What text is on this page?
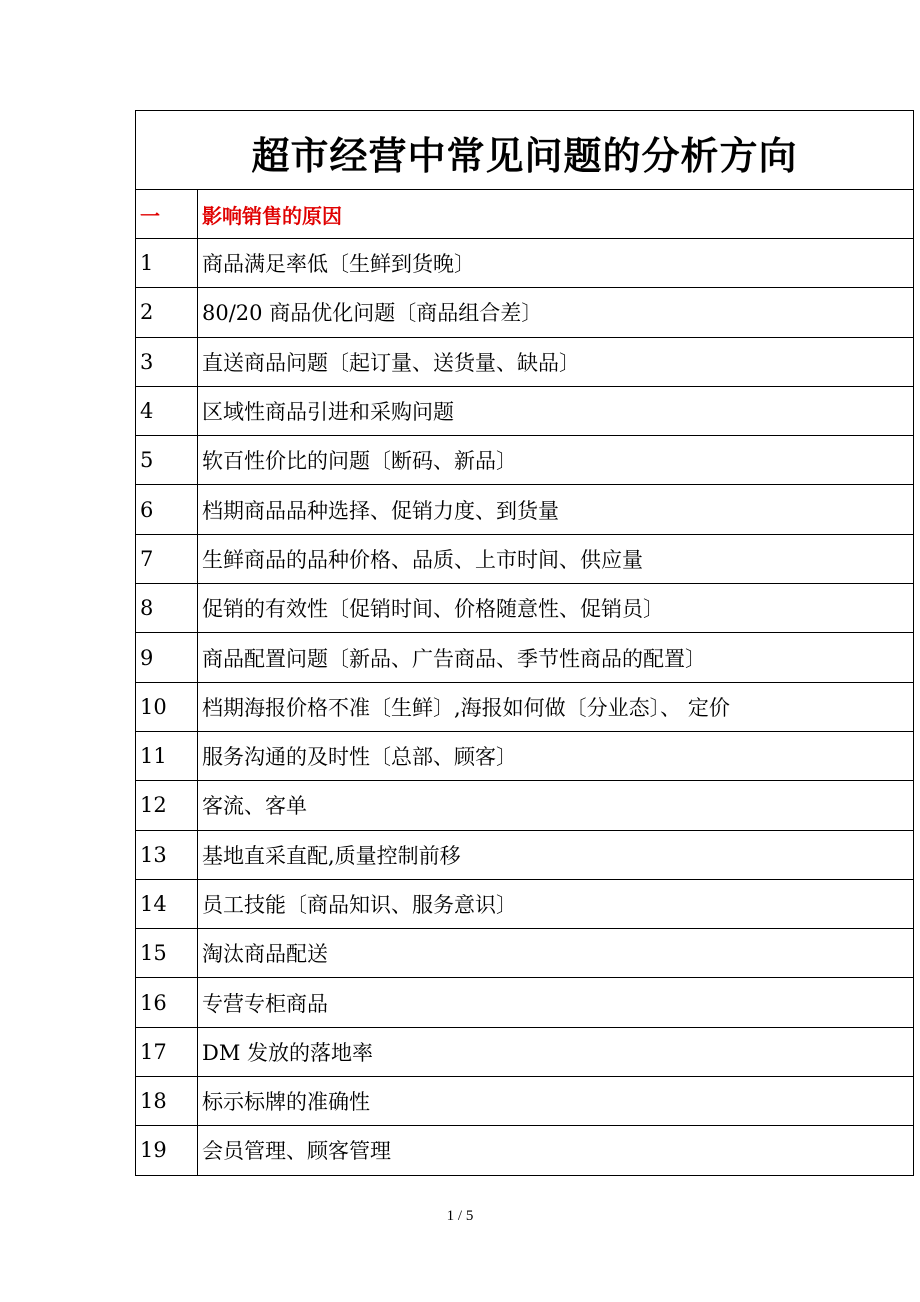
超市经营中常见问题的分析方向	
一	影响销售的原因
1	商品满足率低〔生鲜到货晚〕
2	80/20 商品优化问题〔商品组合差〕
3	直送商品问题〔起订量、送货量、缺品〕
4	区域性商品引进和采购问题
5	软百性价比的问题〔断码、新品〕
6	档期商品品种选择、促销力度、到货量
7	生鲜商品的品种价格、品质、上市时间、供应量
8	促销的有效性〔促销时间、价格随意性、促销员〕
9	商品配置问题〔新品、广告商品、季节性商品的配置〕
10	档期海报价格不准〔生鲜〕,海报如何做〔分业态〕、 定价
11	服务沟通的及时性〔总部、顾客〕
12	客流、客单
13	基地直采直配,质量控制前移
14	员工技能〔商品知识、服务意识〕
15	淘汰商品配送
16	专营专柜商品
17	DM 发放的落地率
18	标示标牌的准确性
19	会员管理、顾客管理
1 / 5
